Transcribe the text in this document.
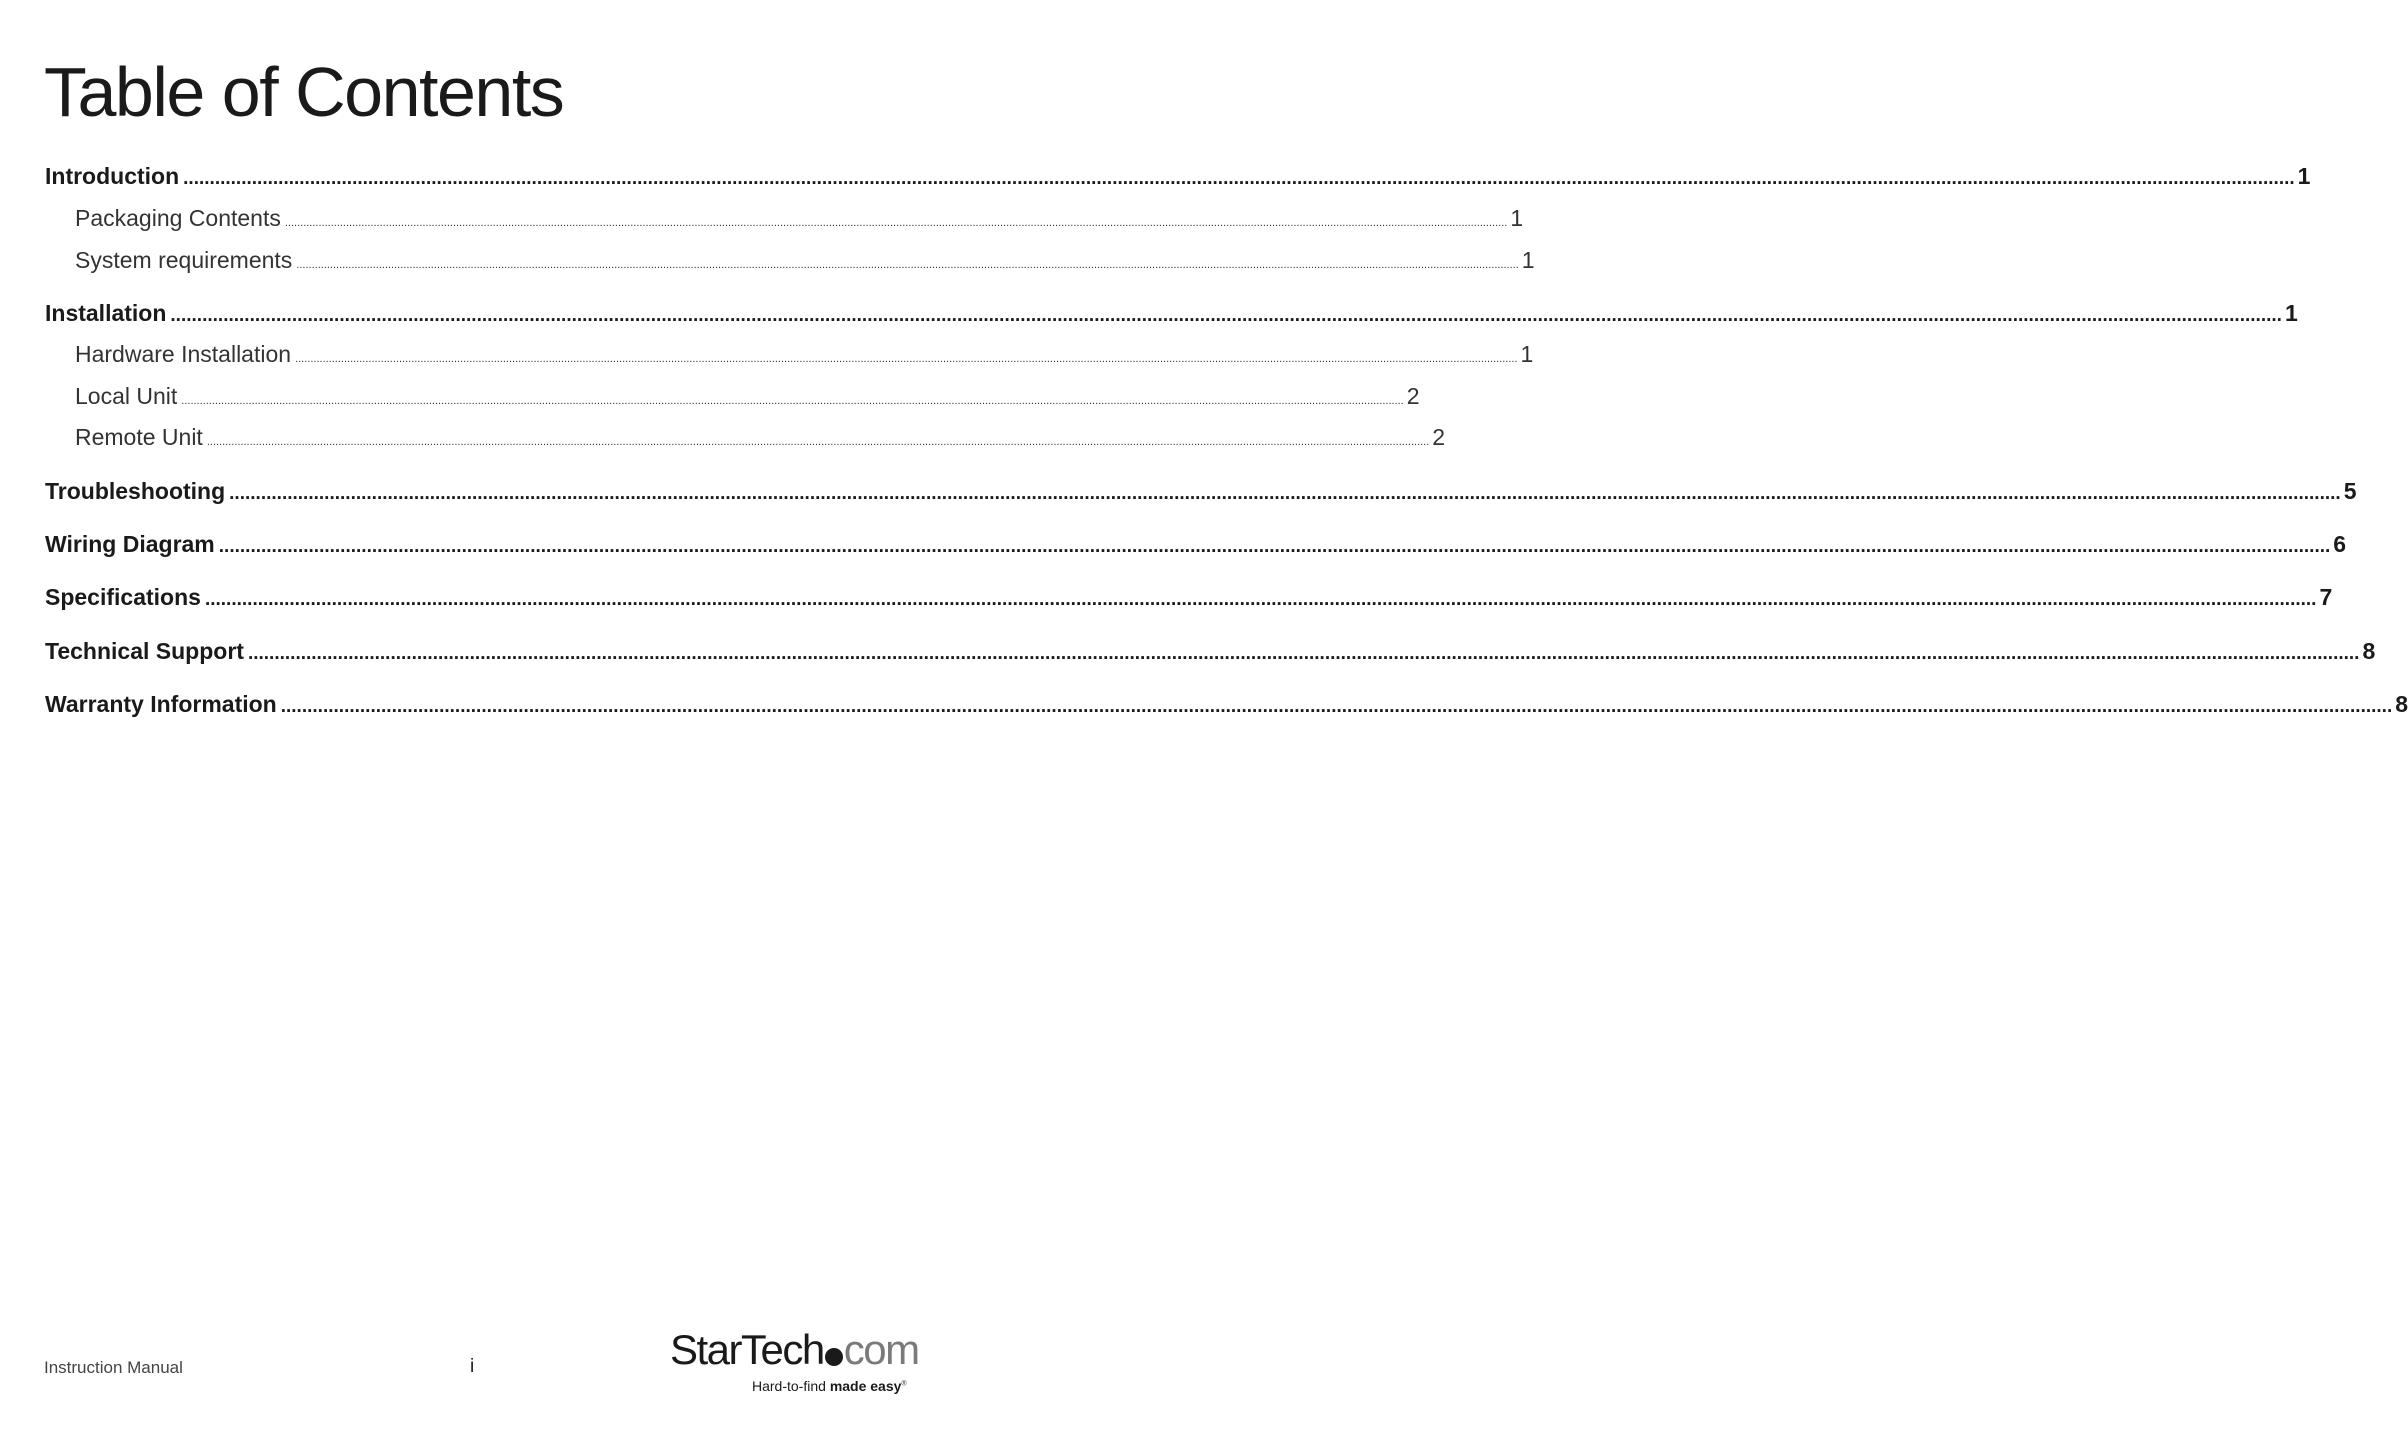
Table of Contents
Introduction ................................................................................................................................................................................................................................................................................................................................................................................................................ 1
Packaging Contents ................................................................................................................................................................................................................................................................................................................................................................................................................ 1
System requirements ................................................................................................................................................................................................................................................................................................................................................................................................................ 1
Installation ................................................................................................................................................................................................................................................................................................................................................................................................................ 1
Hardware Installation ................................................................................................................................................................................................................................................................................................................................................................................................................ 1
Local Unit ................................................................................................................................................................................................................................................................................................................................................................................................................ 2
Remote Unit ................................................................................................................................................................................................................................................................................................................................................................................................................ 2
Troubleshooting ................................................................................................................................................................................................................................................................................................................................................................................................................ 5
Wiring Diagram ................................................................................................................................................................................................................................................................................................................................................................................................................ 6
Specifications ................................................................................................................................................................................................................................................................................................................................................................................................................ 7
Technical Support ................................................................................................................................................................................................................................................................................................................................................................................................................ 8
Warranty Information ................................................................................................................................................................................................................................................................................................................................................................................................................ 8
Instruction Manual	i	StarTech com
Hard-to-find made easy®
